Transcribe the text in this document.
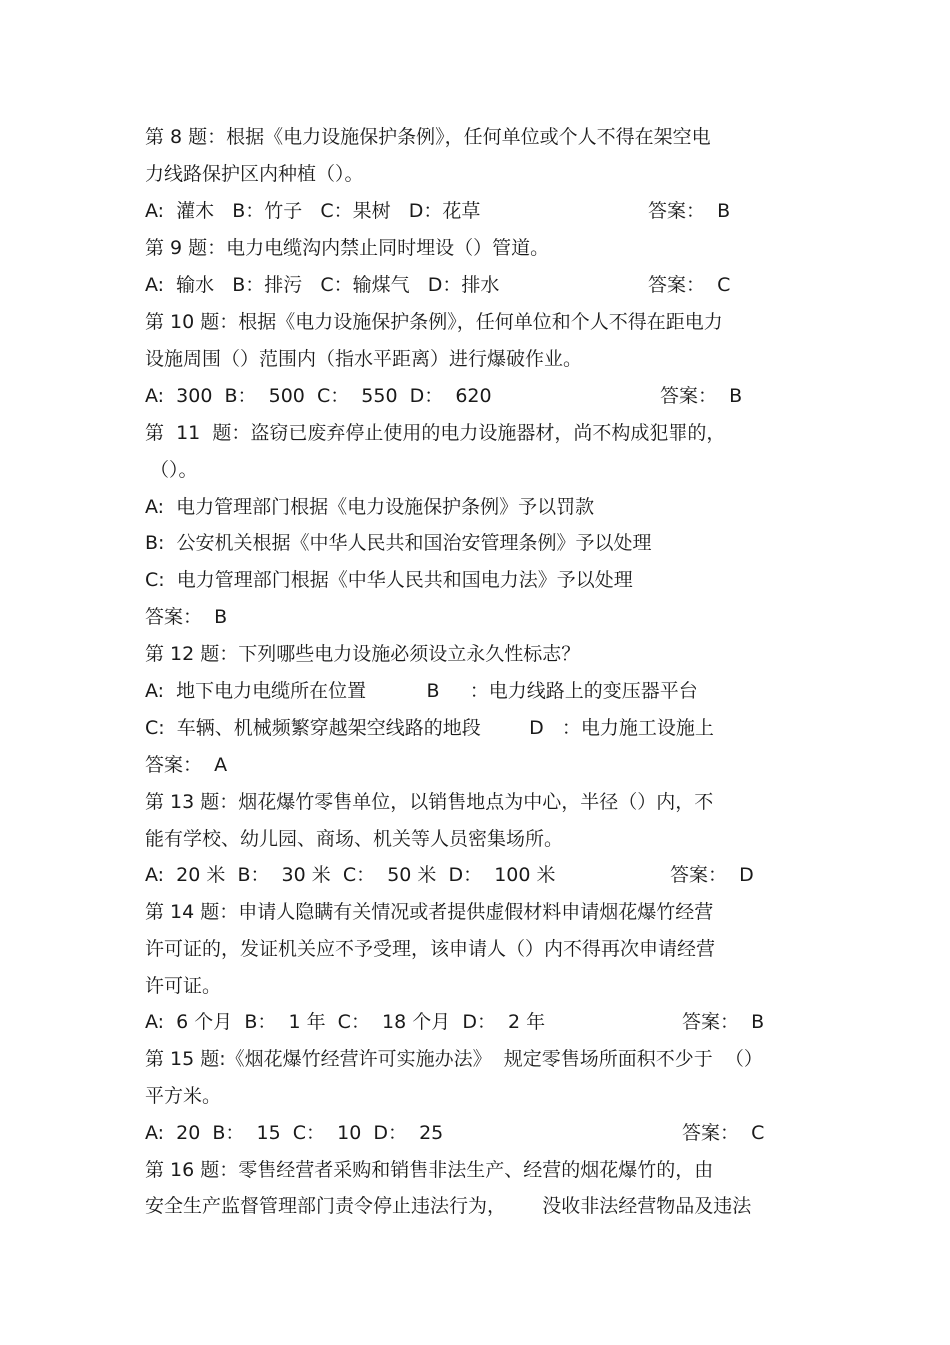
第 8 题：根据《电力设施保护条例》，任何单位或个人不得在架空电
力线路保护区内种植（）。
A:  灌木   B：竹子   C：果树   D：花草	答案：  B
第 9 题：电力电缆沟内禁止同时埋设（）管道。
A:  输水   B：排污   C：输煤气   D：排水	答案：  C
第 10 题：根据《电力设施保护条例》，任何单位和个人不得在距电力
设施周围（）范围内（指水平距离）进行爆破作业。
A:  300  B：  500  C：  550  D：  620	答案：  B
第  11  题：盗窃已废弃停止使用的电力设施器材，尚不构成犯罪的，
（）。
A:  电力管理部门根据《电力设施保护条例》予以罚款
B:  公安机关根据《中华人民共和国治安管理条例》予以处理
C:  电力管理部门根据《中华人民共和国电力法》予以处理
答案：  B
第 12 题：下列哪些电力设施必须设立永久性标志？
A:  地下电力电缆所在位置          B     ：电力线路上的变压器平台
C:  车辆、机械频繁穿越架空线路的地段        D   ：电力施工设施上
答案：  A
第 13 题：烟花爆竹零售单位，以销售地点为中心，半径（）内，不
能有学校、幼儿园、商场、机关等人员密集场所。
A:  20 米  B：  30 米  C：  50 米  D：  100 米	答案：  D
第 14 题：申请人隐瞒有关情况或者提供虚假材料申请烟花爆竹经营
许可证的，发证机关应不予受理，该申请人（）内不得再次申请经营
许可证。
A:  6 个月  B：  1 年  C：  18 个月  D：  2 年	答案：  B
第 15 题:《烟花爆竹经营许可实施办法》  规定零售场所面积不少于  （）
平方米。
A:  20  B：  15  C：  10  D：  25	答案：  C
第 16 题：零售经营者采购和销售非法生产、经营的烟花爆竹的，由
安全生产监督管理部门责令停止违法行为，      没收非法经营物品及违法
